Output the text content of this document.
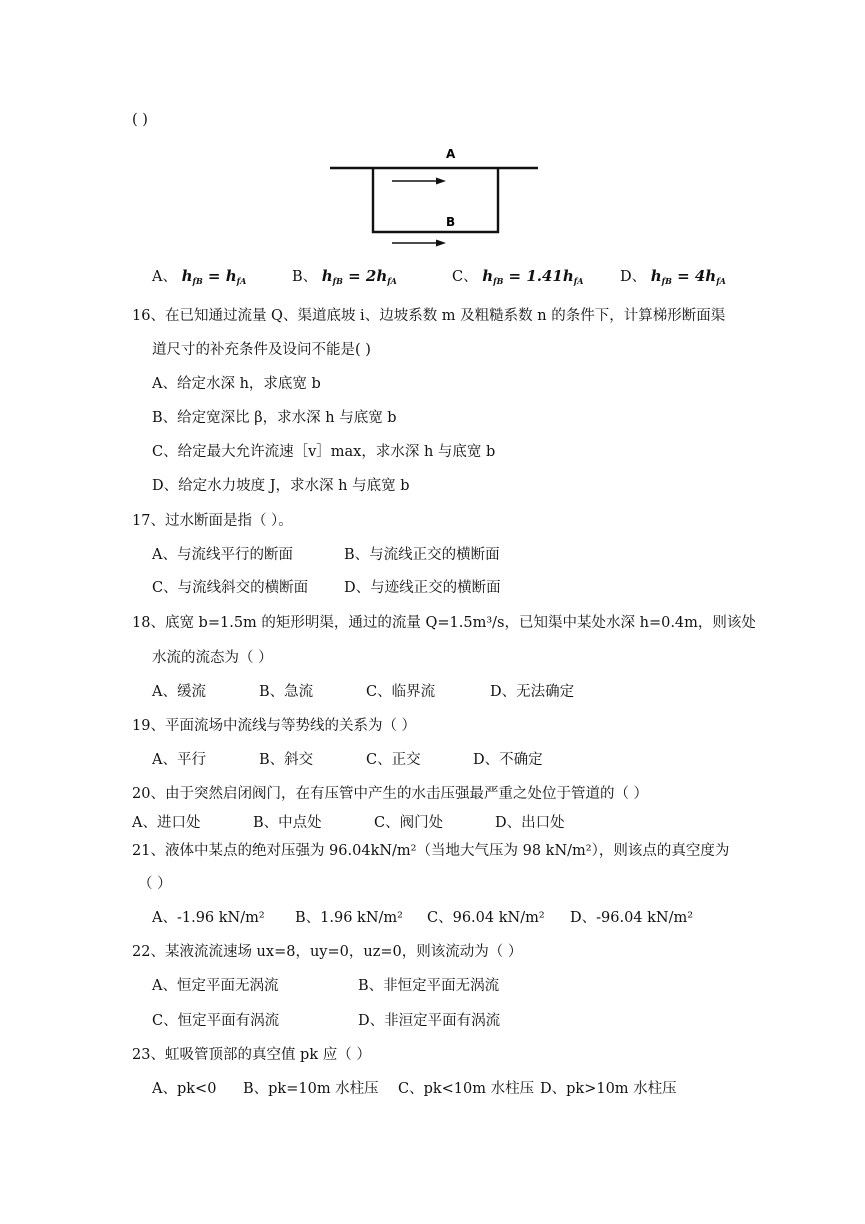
( )
A
B
A、 $h_{fB} = h_{fA}$	B、 $h_{fB} = 2h_{fA}$	C、 $h_{fB} = 1.41h_{fA}$	D、 $h_{fB} = 4h_{fA}$
16、在已知通过流量 Q、渠道底坡 i、边坡系数 m 及粗糙系数 n 的条件下，计算梯形断面渠
道尺寸的补充条件及设问不能是( )
A、给定水深 h，求底宽 b
B、给定宽深比 β，求水深 h 与底宽 b
C、给定最大允许流速［v］max，求水深 h 与底宽 b
D、给定水力坡度 J，求水深 h 与底宽 b
17、过水断面是指（ ）。
A、与流线平行的断面	B、与流线正交的横断面
C、与流线斜交的横断面 D、与迹线正交的横断面
18、底宽 b=1.5m 的矩形明渠，通过的流量 Q=1.5m³/s，已知渠中某处水深 h=0.4m，则该处
水流的流态为（ ）
A、缓流	B、急流	C、临界流	D、无法确定
19、平面流场中流线与等势线的关系为（ ）
A、平行	B、斜交	C、正交	D、不确定
20、由于突然启闭阀门，在有压管中产生的水击压强最严重之处位于管道的（ ）
A、进口处	B、中点处	C、阀门处	D、出口处
21、液体中某点的绝对压强为 96.04kN/m²（当地大气压为 98 kN/m²），则该点的真空度为
（ ）
A、-1.96 kN/m² B、1.96 kN/m² C、96.04 kN/m² D、-96.04 kN/m²
22、某液流流速场 ux=8，uy=0，uz=0，则该流动为（ ）
A、恒定平面无涡流	B、非恒定平面无涡流
C、恒定平面有涡流	D、非洹定平面有涡流
23、虹吸管顶部的真空值 pk 应（ ）
A、pk<0 B、pk=10m 水柱压 C、pk<10m 水柱压 D、pk>10m 水柱压
